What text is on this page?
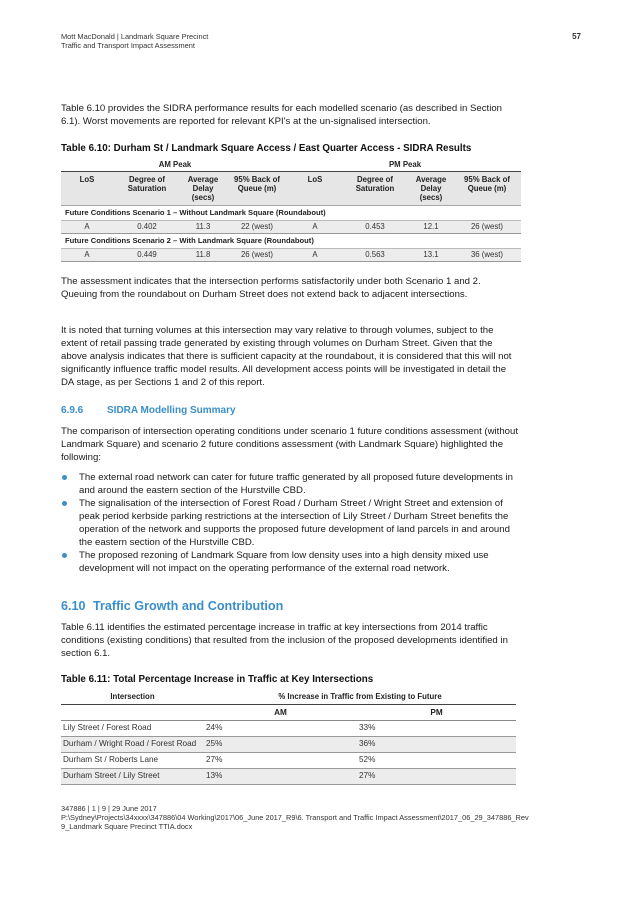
Mott MacDonald | Landmark Square Precinct
Traffic and Transport Impact Assessment
57

Table 6.10 provides the SIDRA performance results for each modelled scenario (as described in Section 6.1). Worst movements are reported for relevant KPI's at the un-signalised intersection.

Table 6.10: Durham St / Landmark Square Access / East Quarter Access - SIDRA Results
AM Peak				PM Peak			
LoS	Degree of Saturation	Average Delay (secs)	95% Back of Queue (m)	LoS	Degree of Saturation	Average Delay (secs)	95% Back of Queue (m)
Future Conditions Scenario 1 – Without Landmark Square (Roundabout)							
A	0.402	11.3	22 (west)	A	0.453	12.1	26 (west)
Future Conditions Scenario 2 – With Landmark Square (Roundabout)							
A	0.449	11.8	26 (west)	A	0.563	13.1	36 (west)

The assessment indicates that the intersection performs satisfactorily under both Scenario 1 and 2. Queuing from the roundabout on Durham Street does not extend back to adjacent intersections.

It is noted that turning volumes at this intersection may vary relative to through volumes, subject to the extent of retail passing trade generated by existing through volumes on Durham Street. Given that the above analysis indicates that there is sufficient capacity at the roundabout, it is considered that this will not significantly influence traffic model results. All development access points will be investigated in detail the DA stage, as per Sections 1 and 2 of this report.

6.9.6 SIDRA Modelling Summary

The comparison of intersection operating conditions under scenario 1 future conditions assessment (without Landmark Square) and scenario 2 future conditions assessment (with Landmark Square) highlighted the following:

The external road network can cater for future traffic generated by all proposed future developments in and around the eastern section of the Hurstville CBD.
The signalisation of the intersection of Forest Road / Durham Street / Wright Street and extension of peak period kerbside parking restrictions at the intersection of Lily Street / Durham Street benefits the operation of the network and supports the proposed future development of land parcels in and around the eastern section of the Hurstville CBD.
The proposed rezoning of Landmark Square from low density uses into a high density mixed use development will not impact on the operating performance of the external road network.
6.10 Traffic Growth and Contribution

Table 6.11 identifies the estimated percentage increase in traffic at key intersections from 2014 traffic conditions (existing conditions) that resulted from the inclusion of the proposed developments identified in section 6.1.

Table 6.11: Total Percentage Increase in Traffic at Key Intersections
Intersection	% Increase in Traffic from Existing to Future	
	AM	PM
Lily Street / Forest Road	24%	33%
Durham / Wright Road / Forest Road	25%	36%
Durham St / Roberts Lane	27%	52%
Durham Street / Lily Street	13%	27%
347886 | 1 | 9 | 29 June 2017
P:\Sydney\Projects\34xxxx\347886\04 Working\2017\06_June 2017_R9\6. Transport and Traffic Impact Assessment\2017_06_29_347886_Rev 9_Landmark Square Precinct TTIA.docx
